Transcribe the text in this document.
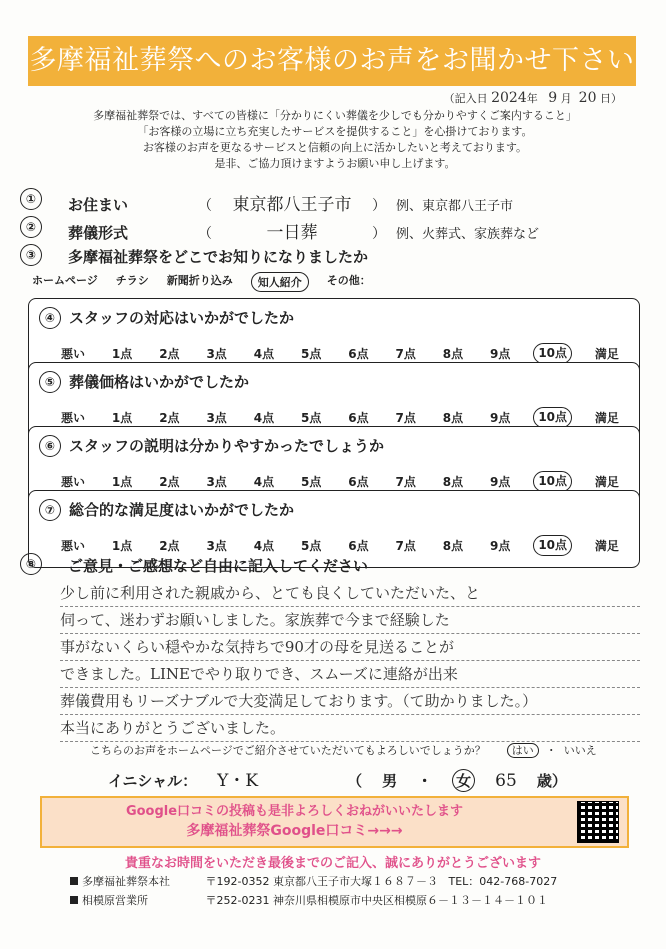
多摩福祉葬祭へのお客様のお声をお聞かせ下さい
（記入日 2024年 9 月 20 日）
多摩福祉葬祭では、すべての皆様に「分かりにくい葬儀を少しでも分かりやすくご案内すること」
「お客様の立場に立ち充実したサービスを提供すること」を心掛けております。
お客様のお声を更なるサービスと信頼の向上に活かしたいと考えております。
是非、ご協力頂けますようお願い申し上げます。
①	お住まい	（	東京都八王子市	） 例、東京都八王子市
②	葬儀形式	（	一日葬	） 例、火葬式、家族葬など
③	多摩福祉葬祭をどこでお知りになりましたか
ホームページ チラシ 新聞折り込み	知人紹介	その他：
④ スタッフの対応はいかがでしたか
悪い 1点 2点 3点 4点 5点 6点 7点 8点 9点	10点	満足
⑤ 葬儀価格はいかがでしたか
悪い 1点 2点 3点 4点 5点 6点 7点 8点 9点	10点	満足
⑥ スタッフの説明は分かりやすかったでしょうか
悪い 1点 2点 3点 4点 5点 6点 7点 8点 9点	10点	満足
⑦ 総合的な満足度はいかがでしたか
悪い 1点 2点 3点 4点 5点 6点 7点 8点 9点	10点	満足
⑧	ご意見・ご感想など自由に記入してください
少し前に利用された親戚から、とても良くしていただいた、と
伺って、迷わずお願いしました。家族葬で今まで経験した
事がないくらい穏やかな気持ちで90才の母を見送ることが
できました。LINEでやり取りでき、スムーズに連絡が出来
葬儀費用もリーズナブルで大変満足しております。（て助かりました。）
本当にありがとうございました。
こちらのお声をホームページでご紹介させていただいてもよろしいでしょうか？ はい ・ いいえ
イニシャル： Y・K	（ 男 ・ 女 65 歳）
Google口コミの投稿も是非よろしくおねがいいたします
多摩福祉葬祭Google口コミ→→→
貴重なお時間をいただき最後までのご記入、誠にありがとうございます
多摩福祉葬祭本社	〒192-0352 東京都八王子市大塚１６８７－３ TEL：042-768-7027
相模原営業所	〒252-0231 神奈川県相模原市中央区相模原６－１３－１４－１０１
